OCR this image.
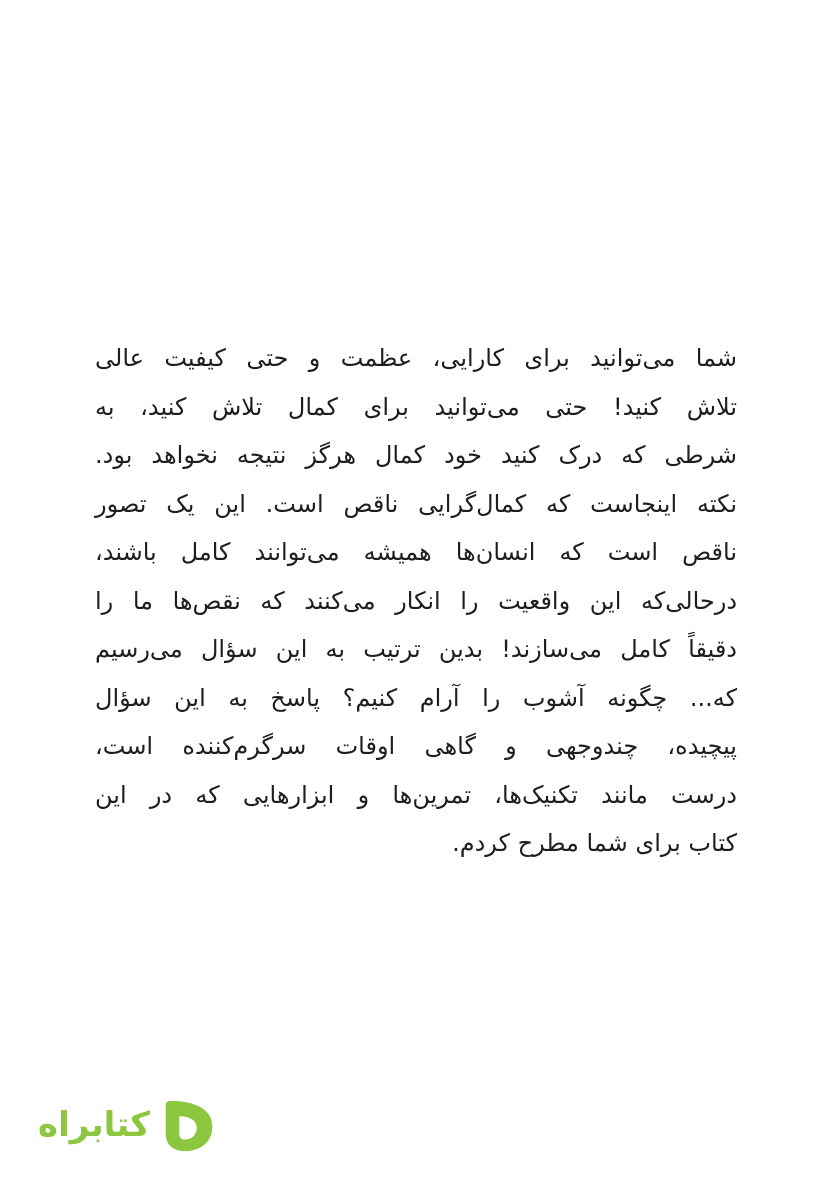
شما می‌توانید برای کارایی، عظمت و حتی کیفیت عالی
تلاش کنید! حتی می‌توانید برای کمال تلاش کنید، به
شرطی که درک کنید خود کمال هرگز نتیجه نخواهد بود.
نکته اینجاست که کمال‌گرایی ناقص است. این یک تصور
ناقص است که انسان‌ها همیشه می‌توانند کامل باشند،
درحالی‌که این واقعیت را انکار می‌کنند که نقص‌ها ما را
دقیقاً کامل می‌سازند! بدین ترتیب به این سؤال می‌رسیم
که... چگونه آشوب را آرام کنیم؟ پاسخ به این سؤال
پیچیده، چندوجهی و گاهی اوقات سرگرم‌کننده است،
درست مانند تکنیک‌ها، تمرین‌ها و ابزارهایی که در این
کتاب برای شما مطرح کردم.
کتابراه
